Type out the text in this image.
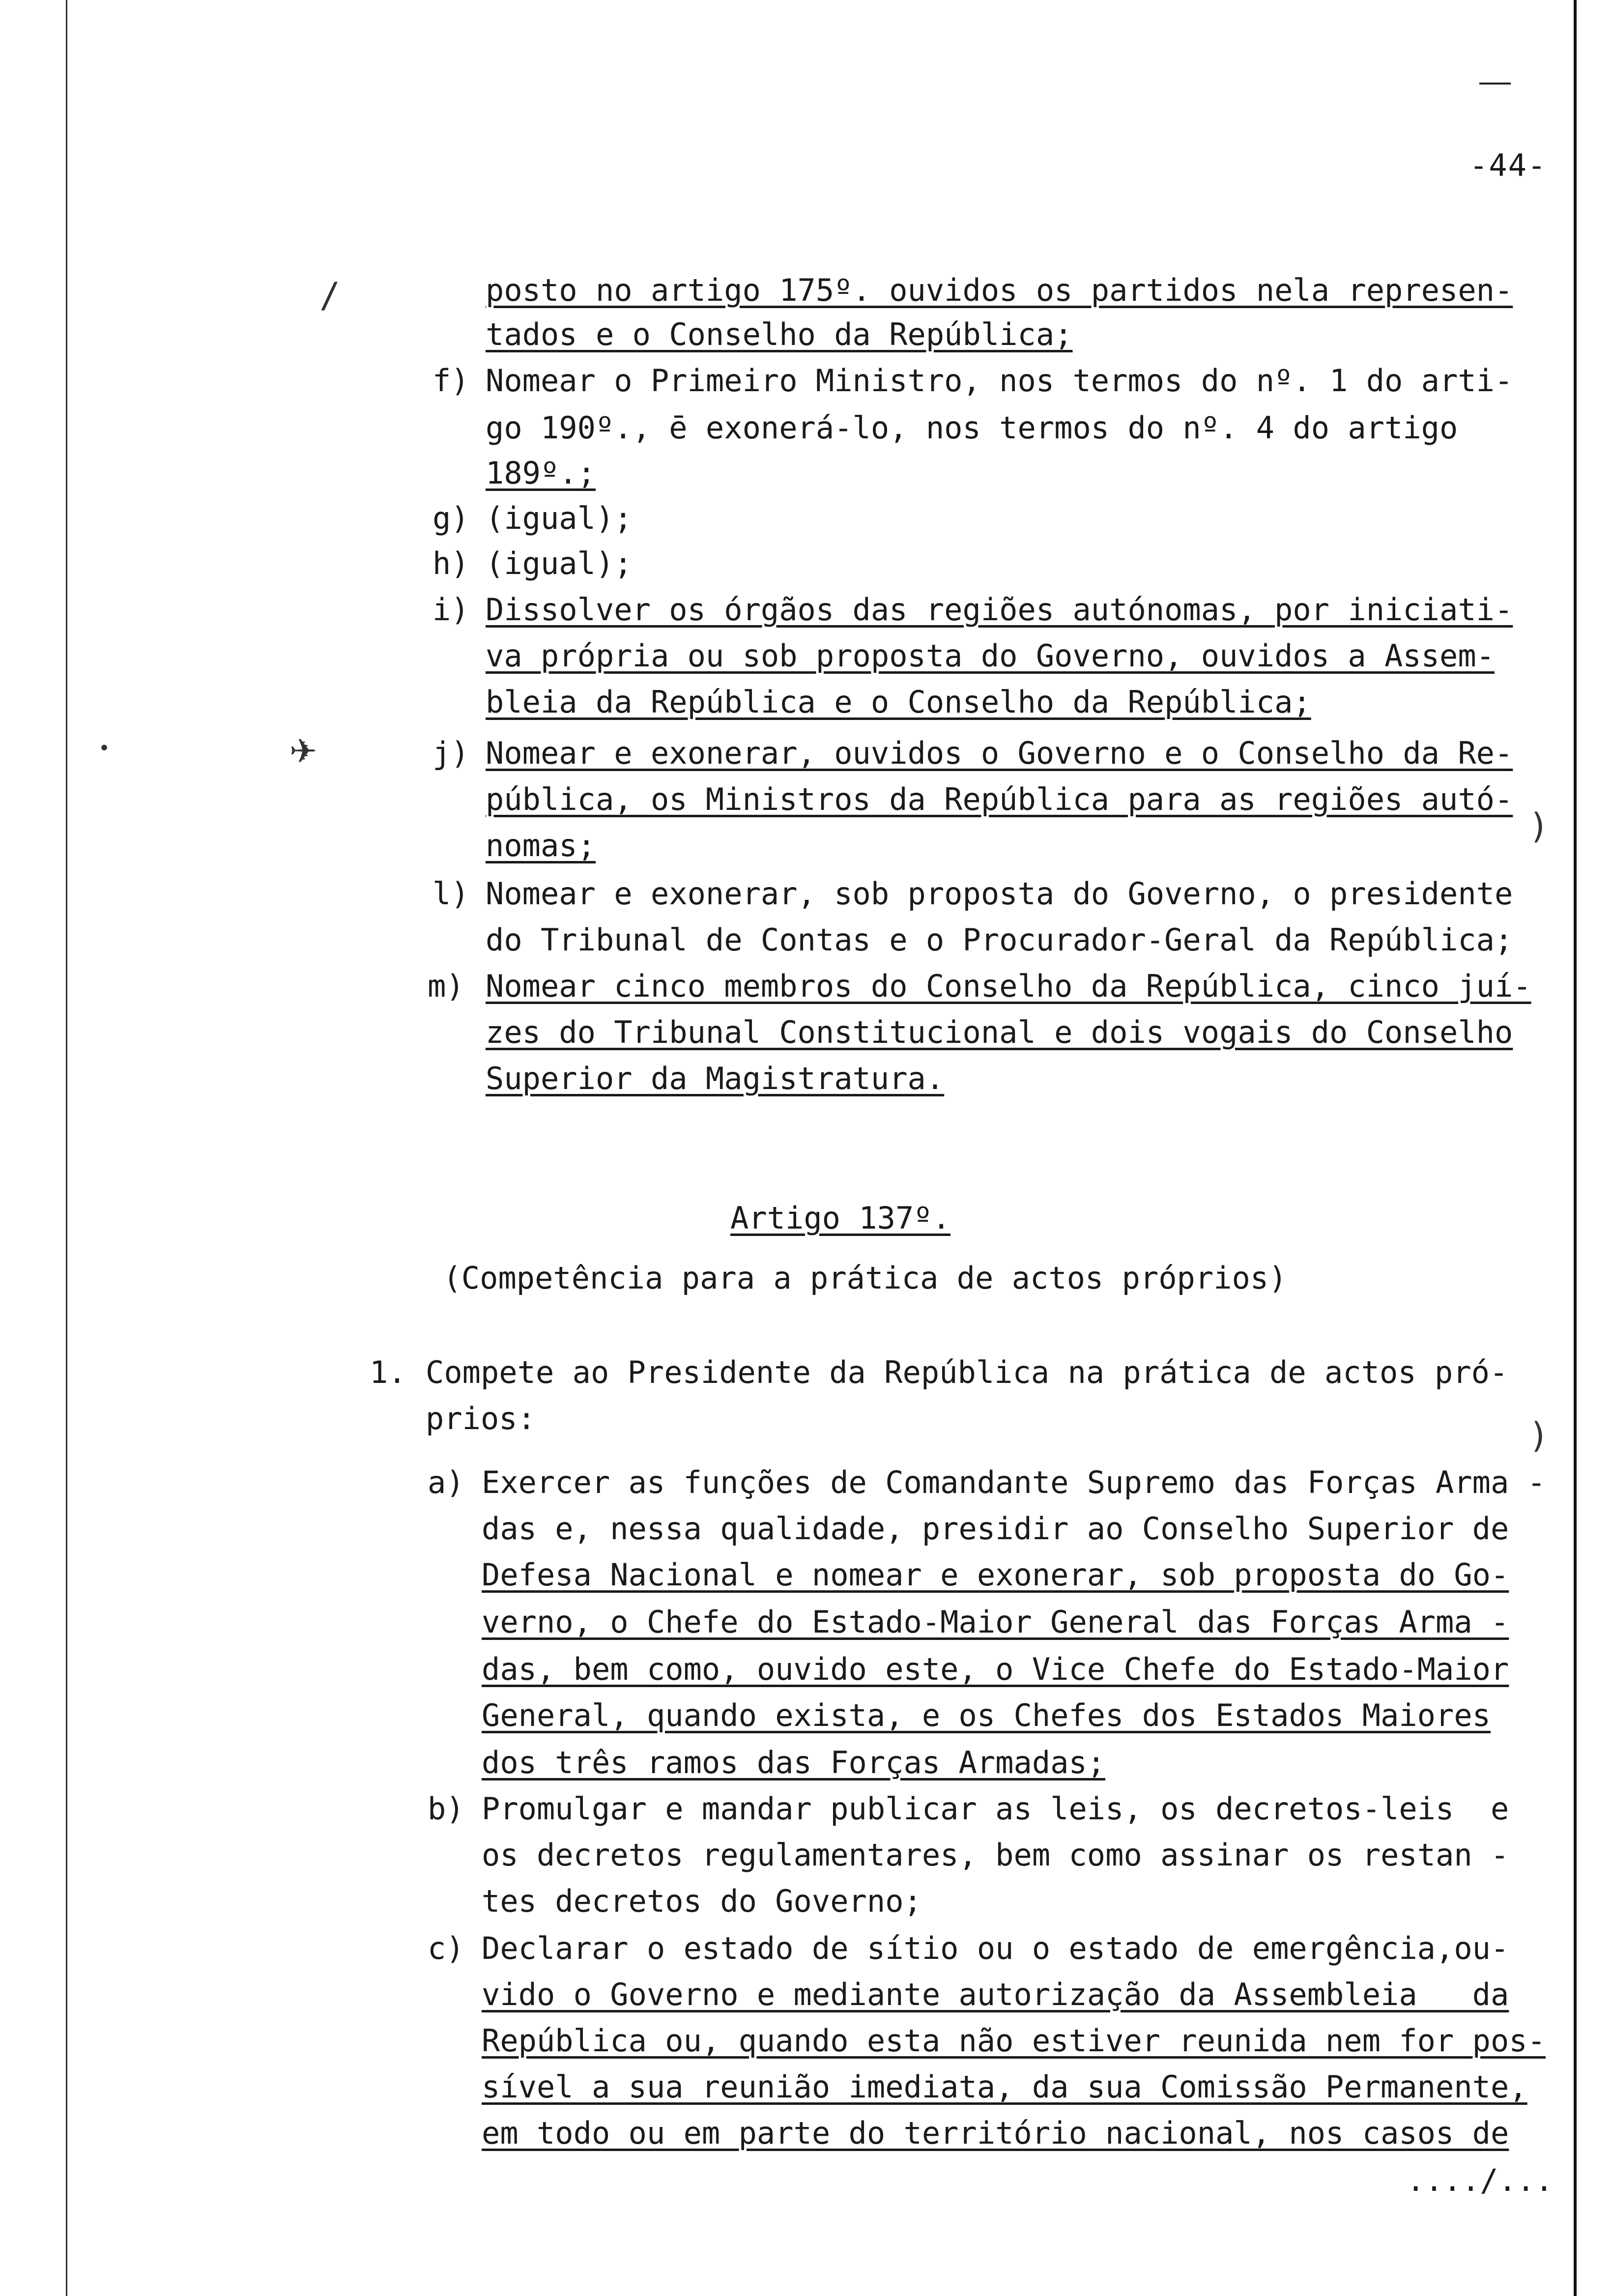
-44-
✈
/
•
)
)
posto no artigo 175º. ouvidos os partidos nela represen-
tados e o Conselho da República;
f) Nomear o Primeiro Ministro, nos termos do nº. 1 do arti-
go 190º., ē exonerá-lo, nos termos do nº. 4 do artigo
189º.;
g) (igual);
h) (igual);
i) Dissolver os órgãos das regiões autónomas, por iniciati-
va própria ou sob proposta do Governo, ouvidos a Assem-
bleia da República e o Conselho da República;
j) Nomear e exonerar, ouvidos o Governo e o Conselho da Re-
pública, os Ministros da República para as regiões autó-
nomas;
l) Nomear e exonerar, sob proposta do Governo, o presidente
do Tribunal de Contas e o Procurador-Geral da República;
m) Nomear cinco membros do Conselho da República, cinco juí-
zes do Tribunal Constitucional e dois vogais do Conselho
Superior da Magistratura.
Artigo 137º.
(Competência para a prática de actos próprios)
1. Compete ao Presidente da República na prática de actos pró-
prios:
a) Exercer as funções de Comandante Supremo das Forças Arma -
das e, nessa qualidade, presidir ao Conselho Superior de
Defesa Nacional e nomear e exonerar, sob proposta do Go-
verno, o Chefe do Estado-Maior General das Forças Arma -
das, bem como, ouvido este, o Vice Chefe do Estado-Maior
General, quando exista, e os Chefes dos Estados Maiores
dos três ramos das Forças Armadas;
b) Promulgar e mandar publicar as leis, os decretos-leis  e
os decretos regulamentares, bem como assinar os restan -
tes decretos do Governo;
c) Declarar o estado de sítio ou o estado de emergência,ou-
vido o Governo e mediante autorização da Assembleia   da
República ou, quando esta não estiver reunida nem for pos-
sível a sua reunião imediata, da sua Comissão Permanente,
em todo ou em parte do território nacional, nos casos de
..../...
